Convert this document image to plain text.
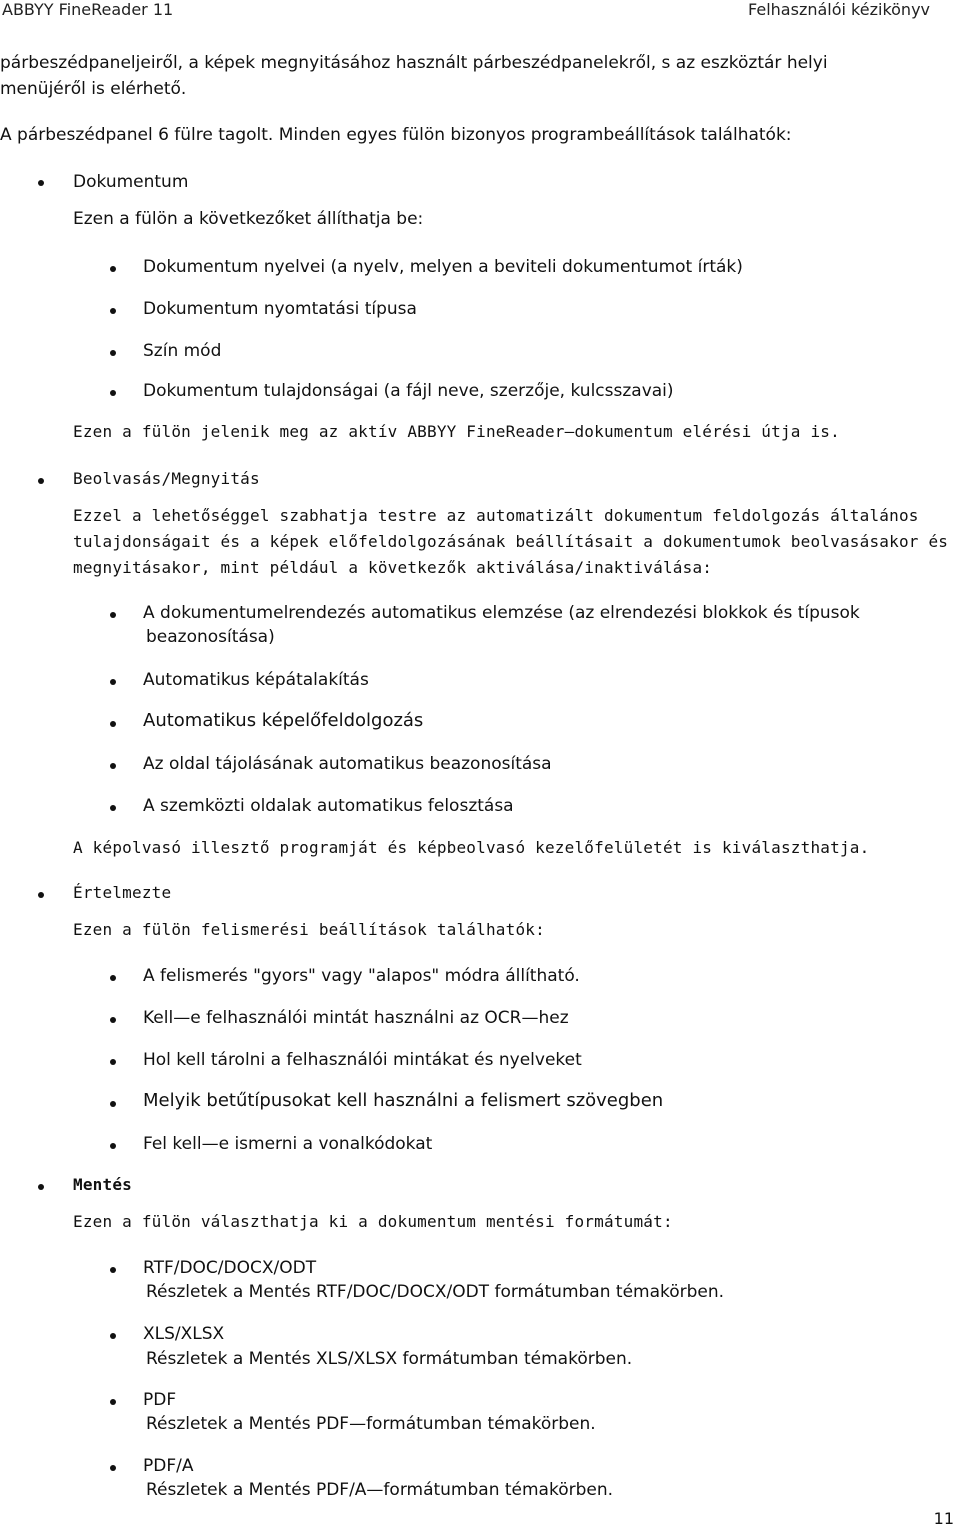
ABBYY FineReader 11	Felhasználói kézikönyv
párbeszédpaneljeiről, a képek megnyitásához használt párbeszédpanelekről, s az eszköztár helyi
menüjéről is elérhető.
A párbeszédpanel 6 fülre tagolt. Minden egyes fülön bizonyos programbeállítások találhatók:
Dokumentum
Ezen a fülön a következőket állíthatja be:
Dokumentum nyelvei (a nyelv, melyen a beviteli dokumentumot írták)
Dokumentum nyomtatási típusa
Szín mód
Dokumentum tulajdonságai (a fájl neve, szerzője, kulcsszavai)
Ezen a fülön jelenik meg az aktív ABBYY FineReader—dokumentum elérési útja is.
Beolvasás/Megnyitás
Ezzel a lehetőséggel szabhatja testre az automatizált dokumentum feldolgozás általános
tulajdonságait és a képek előfeldolgozásának beállításait a dokumentumok beolvasásakor és
megnyitásakor, mint például a következők aktiválása/inaktiválása:
A dokumentumelrendezés automatikus elemzése (az elrendezési blokkok és típusok
beazonosítása)
Automatikus képátalakítás
Automatikus képelőfeldolgozás
Az oldal tájolásának automatikus beazonosítása
A szemközti oldalak automatikus felosztása
A képolvasó illesztő programját és képbeolvasó kezelőfelületét is kiválaszthatja.
Értelmezte
Ezen a fülön felismerési beállítások találhatók:
A felismerés "gyors" vagy "alapos" módra állítható.
Kell—e felhasználói mintát használni az OCR—hez
Hol kell tárolni a felhasználói mintákat és nyelveket
Melyik betűtípusokat kell használni a felismert szövegben
Fel kell—e ismerni a vonalkódokat
Mentés
Ezen a fülön választhatja ki a dokumentum mentési formátumát:
RTF/DOC/DOCX/ODT
Részletek a Mentés RTF/DOC/DOCX/ODT formátumban témakörben.
XLS/XLSX
Részletek a Mentés XLS/XLSX formátumban témakörben.
PDF
Részletek a Mentés PDF—formátumban témakörben.
PDF/A
Részletek a Mentés PDF/A—formátumban témakörben.
11
